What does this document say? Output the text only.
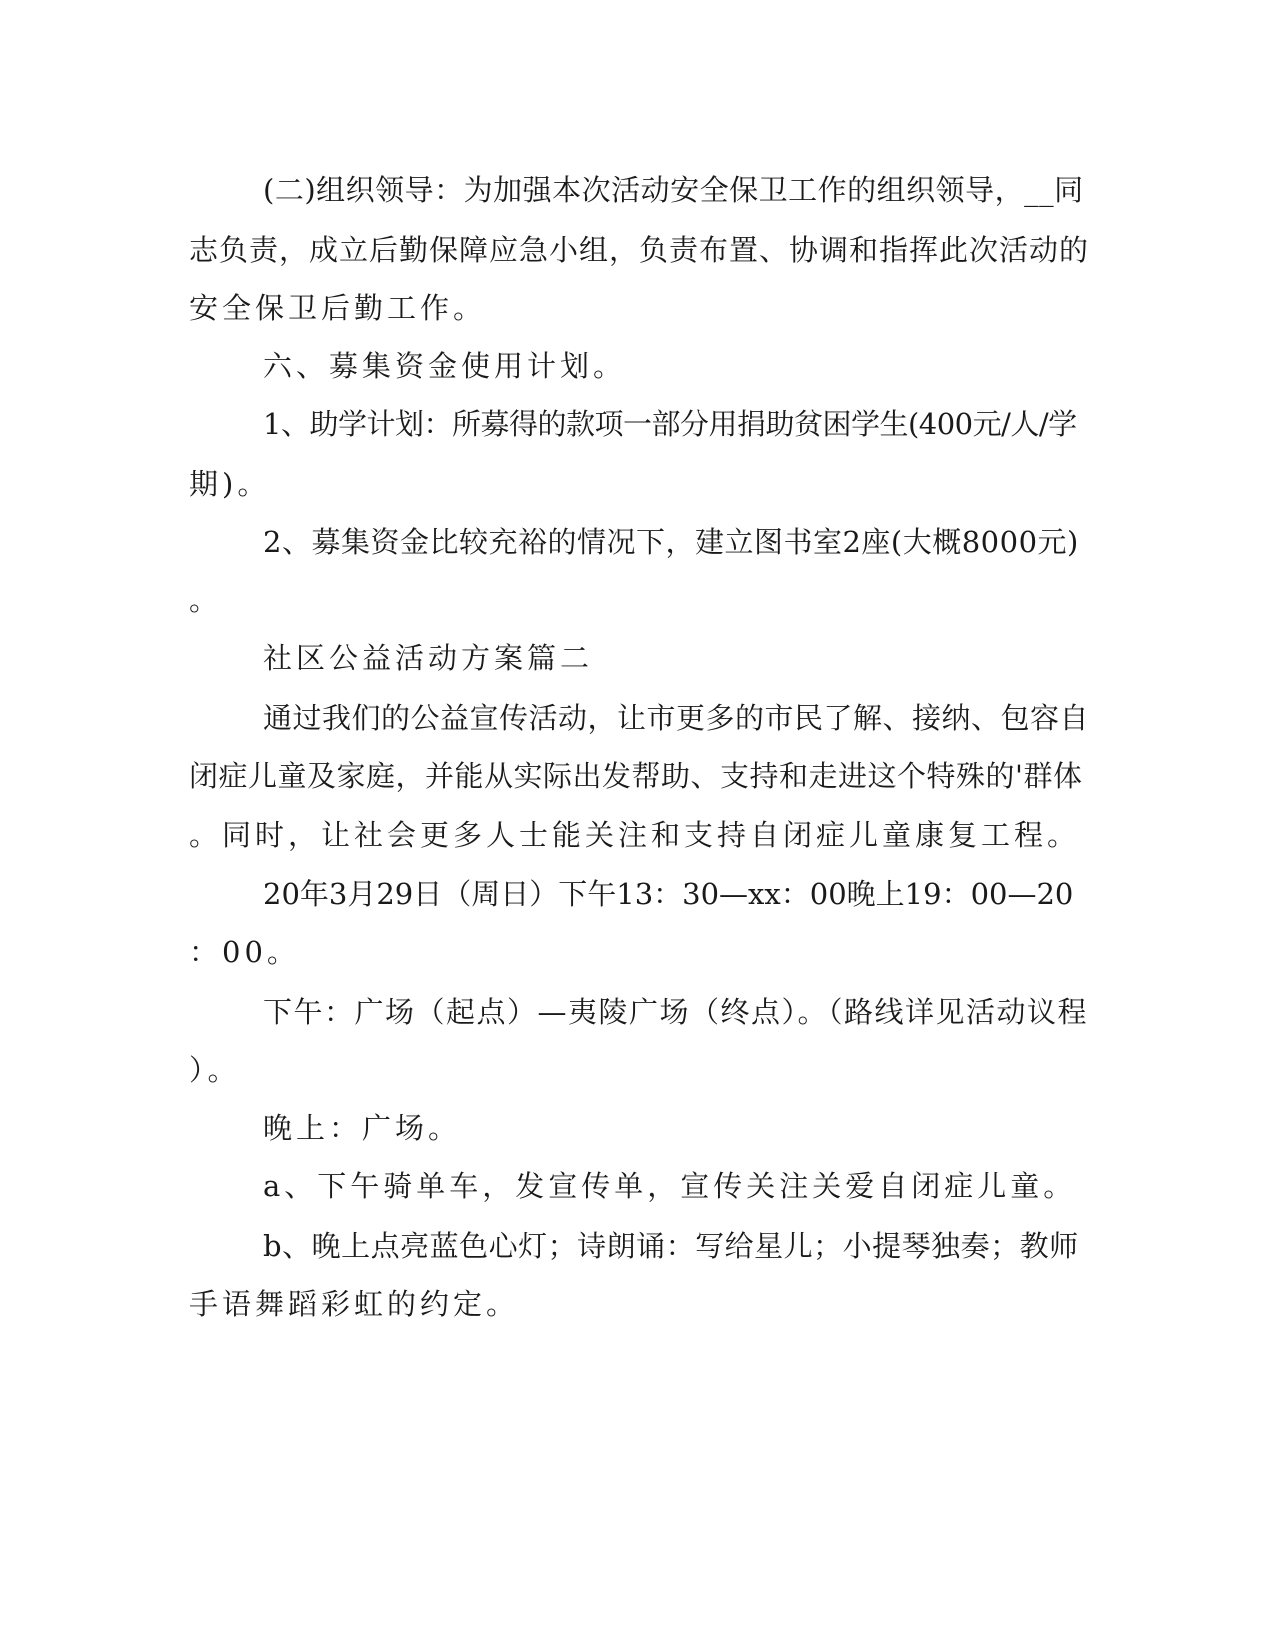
(二)组织领导：为加强本次活动安全保卫工作的组织领导，__同
志负责，成立后勤保障应急小组，负责布置、协调和指挥此次活动的
安全保卫后勤工作。
六、募集资金使用计划。
1、助学计划：所募得的款项一部分用捐助贫困学生(400元/人/学
期)。
2、募集资金比较充裕的情况下，建立图书室2座(大概8000元)
。
社区公益活动方案篇二
通过我们的公益宣传活动，让市更多的市民了解、接纳、包容自
闭症儿童及家庭，并能从实际出发帮助、支持和走进这个特殊的'群体
。同时，让社会更多人士能关注和支持自闭症儿童康复工程。
20年3月29日（周日）下午13：30—xx：00晚上19：00—20
：00。
下午：广场（起点）—夷陵广场（终点）。（路线详见活动议程
）。
晚上：广场。
a、下午骑单车，发宣传单，宣传关注关爱自闭症儿童。
b、晚上点亮蓝色心灯；诗朗诵：写给星儿；小提琴独奏；教师
手语舞蹈彩虹的约定。
